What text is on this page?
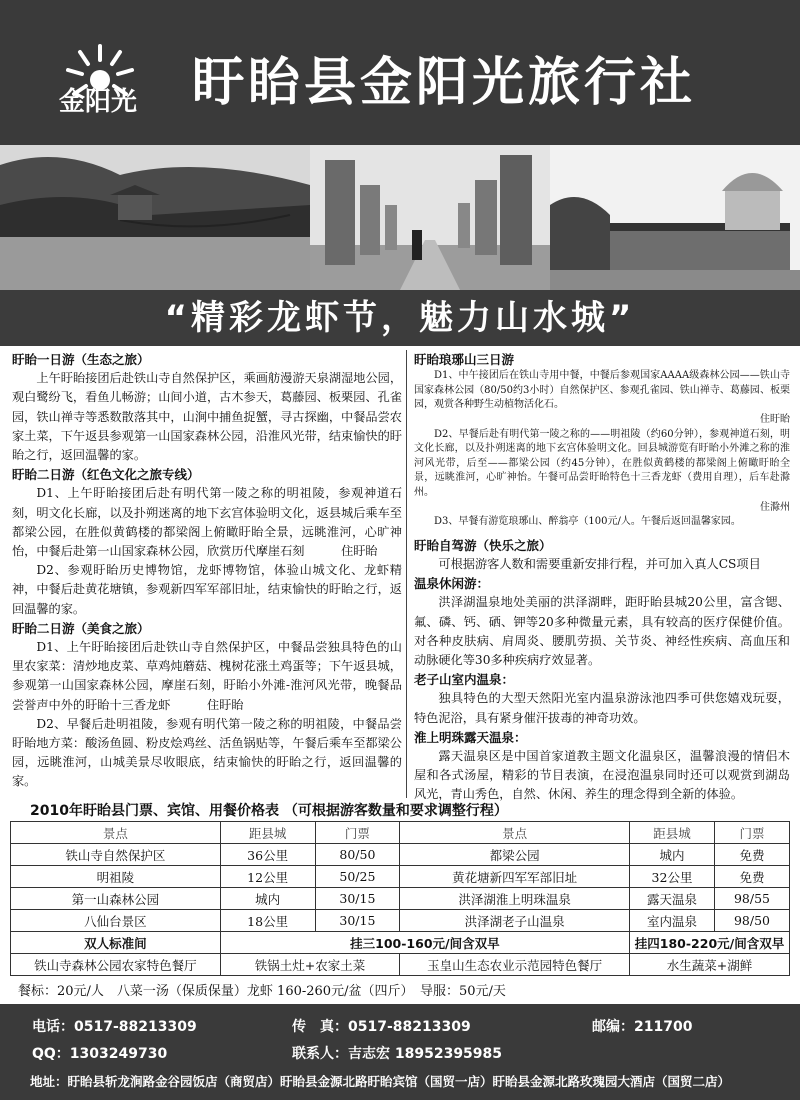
金阳光 盱眙县金阳光旅行社
“精彩龙虾节，魅力山水城”
盱眙一日游（生态之旅）
上午盱眙接团后赴铁山寺自然保护区，乘画舫漫游天泉湖湿地公园，观白鹭纷飞，看鱼儿畅游；山间小道，古木参天，葛藤园、板栗园、孔雀园，铁山禅寺等悉数散落其中，山涧中捕鱼捉蟹，寻古探幽，中餐品尝农家土菜，下午返县参观第一山国家森林公园，沿淮风光带，结束愉快的盱眙之行，返回温馨的家。
盱眙二日游（红色文化之旅专线）
D1、上午盱眙接团后赴有明代第一陵之称的明祖陵，参观神道石刻，明文化长廊，以及扑朔迷离的地下玄宫体验明文化，返县城后乘车至都梁公园，在胜似黄鹤楼的都梁阁上俯瞰盱眙全景，远眺淮河，心旷神怡，中餐后赴第一山国家森林公园，欣赏历代摩崖石刻　　　	住盱眙
D2、参观盱眙历史博物馆，龙虾博物馆，体验山城文化、龙虾精神，中餐后赴黄花塘镇，参观新四军军部旧址，结束愉快的盱眙之行，返回温馨的家。
盱眙二日游（美食之旅）
D1、上午盱眙接团后赴铁山寺自然保护区，中餐品尝独具特色的山里农家菜：清炒地皮菜、草鸡炖蘑菇、槐树花涨土鸡蛋等；下午返县城，参观第一山国家森林公园，摩崖石刻，盱眙小外滩-淮河风光带，晚餐品尝誉声中外的盱眙十三香龙虾　　　	住盱眙
D2、早餐后赴明祖陵，参观有明代第一陵之称的明祖陵，中餐品尝盱眙地方菜：酸汤鱼圆、粉皮烩鸡丝、活鱼锅贴等，午餐后乘车至都梁公园，远眺淮河，山城美景尽收眼底，结束愉快的盱眙之行，返回温馨的家。
盱眙琅琊山三日游
D1、中午接团后在铁山寺用中餐，中餐后参观国家AAAA级森林公园——铁山寺国家森林公园（80/50约3小时）自然保护区、参观孔雀园、铁山禅寺、葛藤园、板栗园，观赏各种野生动植物活化石。
住盱眙
D2、早餐后赴有明代第一陵之称的——明祖陵（约60分钟），参观神道石刻，明文化长廊，以及扑朔迷离的地下玄宫体验明文化。回县城游览有盱眙小外滩之称的淮河风光带，后至——都梁公园（约45分钟），在胜似黄鹤楼的都梁阁上俯瞰盱眙全景，远眺淮河，心旷神怡。午餐可品尝盱眙特色十三香龙虾（费用自理），后车赴滁州。
住滁州
D3、早餐有游览琅琊山、醉翁亭（100元/人。午餐后返回温馨家园。
盱眙自驾游（快乐之旅）
可根据游客人数和需要重新安排行程，并可加入真人CS项目
温泉休闲游：
洪泽湖温泉地处美丽的洪泽湖畔，距盱眙县城20公里，富含锶、氟、磷、钙、硒、钾等20多种微量元素，具有较高的医疗保健价值。对各种皮肤病、肩周炎、腰肌劳损、关节炎、神经性疾病、高血压和动脉硬化等30多种疾病疗效显著。
老子山室内温泉：
独具特色的大型天然阳光室内温泉游泳池四季可供您嬉戏玩耍，特色泥浴，具有紧身催汗拔毒的神奇功效。
淮上明珠露天温泉：
露天温泉区是中国首家道教主题文化温泉区，温馨浪漫的情侣木屋和各式汤屋，精彩的节目表演，在浸泡温泉同时还可以观赏到湖岛风光，青山秀色，自然、休闲、养生的理念得到全新的体验。
2010年盱眙县门票、宾馆、用餐价格表 （可根据游客数量和要求调整行程）
景点	距县城	门票	景点	距县城	门票
铁山寺自然保护区	36公里	80/50	都梁公园	城内	免费
明祖陵	12公里	50/25	黄花塘新四军军部旧址	32公里	免费
第一山森林公园	城内	30/15	洪泽湖淮上明珠温泉	露天温泉	98/55
八仙台景区	18公里	30/15	洪泽湖老子山温泉	室内温泉	98/50
双人标准间	挂三100-160元/间含双早			挂四180-220元/间含双早	
铁山寺森林公园农家特色餐厅	铁锅土灶+农家土菜		玉皇山生态农业示范园特色餐厅	水生蔬菜+湖鲜	
餐标：20元/人　八菜一汤（保质保量）龙虾 160-260元/盆（四斤）　导服：50元/天
电话：0517-88213309	传　真：0517-88213309	邮编：211700
QQ：1303249730	联系人：吉志宏 18952395985
地址：盱眙县斩龙涧路金谷园饭店（商贸店）盱眙县金源北路盱眙宾馆（国贸一店）盱眙县金源北路玫瑰园大酒店（国贸二店）
